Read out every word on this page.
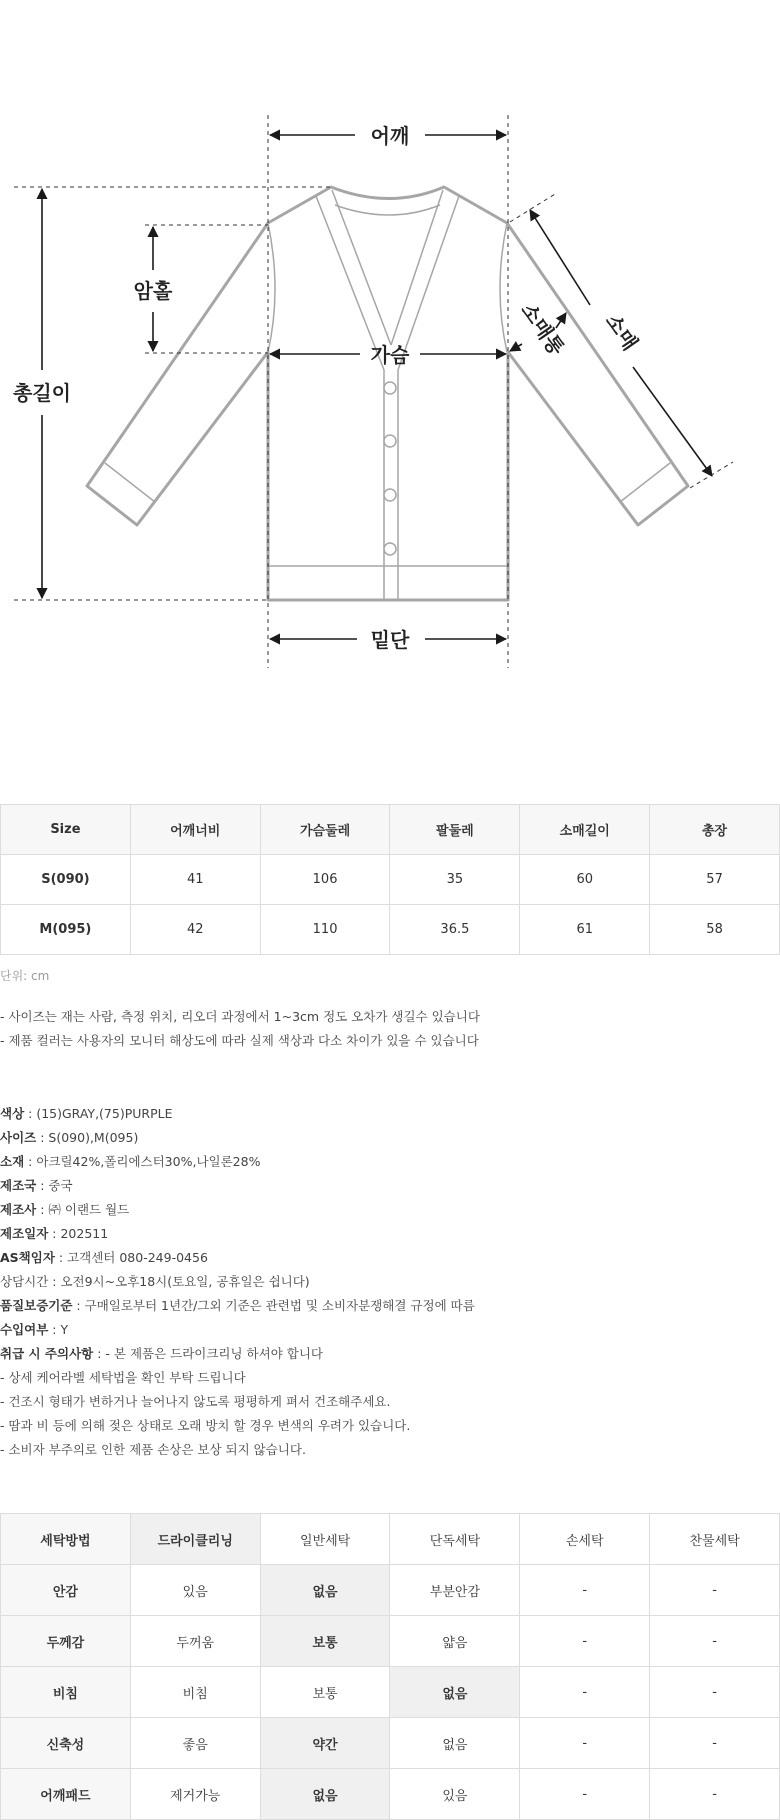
어깨
암홀
총길이
가슴
밑단
소매통 소매
Size	어깨너비	가슴둘레	팔둘레	소매길이	총장
S(090)	41	106	35	60	57
M(095)	42	110	36.5	61	58
단위: cm
- 사이즈는 재는 사람, 측정 위치, 리오더 과정에서 1~3cm 정도 오차가 생길수 있습니다
- 제품 컬러는 사용자의 모니터 해상도에 따라 실제 색상과 다소 차이가 있을 수 있습니다
색상 : (15)GRAY,(75)PURPLE
사이즈 : S(090),M(095)
소재 : 아크릴42%,폴리에스터30%,나일론28%
제조국 : 중국
제조사 : ㈜ 이랜드 월드
제조일자 : 202511
AS책임자 : 고객센터 080-249-0456
상담시간 : 오전9시~오후18시(토요일, 공휴일은 쉽니다)
품질보증기준 : 구매일로부터 1년간/그외 기준은 관련법 및 소비자분쟁해결 규정에 따름
수입여부 : Y
취급 시 주의사항 : - 본 제품은 드라이크리닝 하셔야 합니다
- 상세 케어라벨 세탁법을 확인 부탁 드립니다
- 건조시 형태가 변하거나 늘어나지 않도록 평평하게 펴서 건조해주세요.
- 땀과 비 등에 의해 젖은 상태로 오래 방치 할 경우 변색의 우려가 있습니다.
- 소비자 부주의로 인한 제품 손상은 보상 되지 않습니다.
세탁방법	드라이클리닝	일반세탁	단독세탁	손세탁	찬물세탁
안감	있음	없음	부분안감	-	-
두께감	두꺼움	보통	얇음	-	-
비침	비침	보통	없음	-	-
신축성	좋음	약간	없음	-	-
어깨패드	제거가능	없음	있음	-	-
